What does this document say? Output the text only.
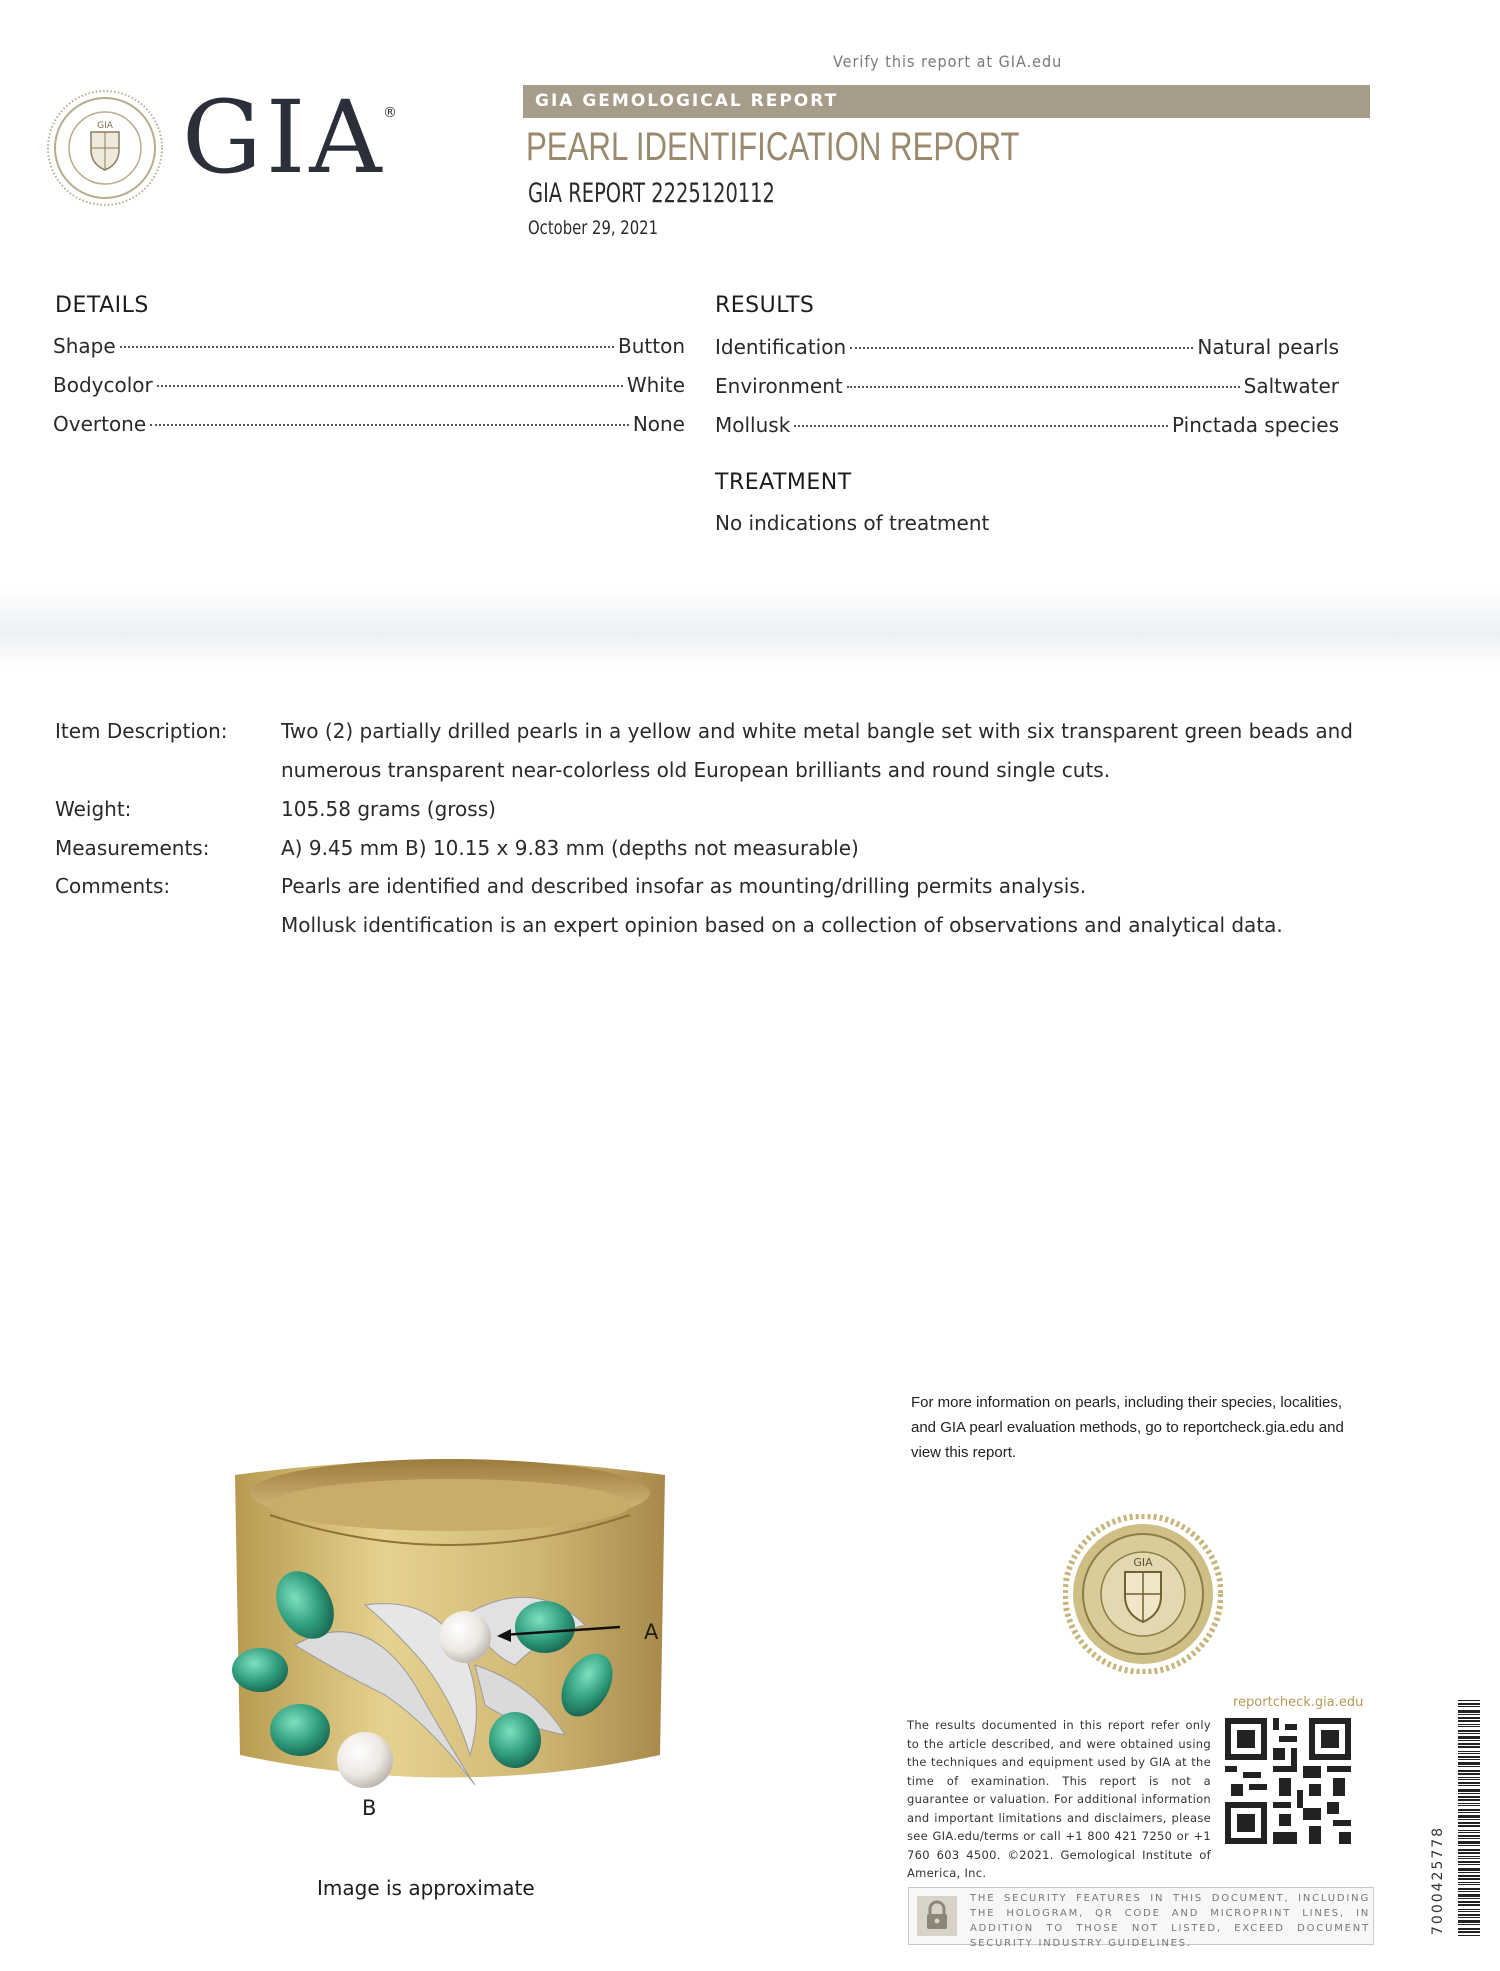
Verify this report at GIA.edu
GIA GIA
®
GIA GEMOLOGICAL REPORT
PEARL IDENTIFICATION REPORT
GIA REPORT 2225120112
October 29, 2021
DETAILS
Shape	Button
Bodycolor	White
Overtone	None
RESULTS
Identification	Natural pearls
Environment	Saltwater
Mollusk	Pinctada species
TREATMENT
No indications of treatment
Item Description:	Two (2) partially drilled pearls in a yellow and white metal bangle set with six transparent green beads and
numerous transparent near-colorless old European brilliants and round single cuts.
Weight:	105.58 grams (gross)
Measurements:	A) 9.45 mm B) 10.15 x 9.83 mm (depths not measurable)
Comments:	Pearls are identified and described insofar as mounting/drilling permits analysis.
Mollusk identification is an expert opinion based on a collection of observations and analytical data.
A
B
Image is approximate
For more information on pearls, including their species, localities, and GIA pearl evaluation methods, go to reportcheck.gia.edu and view this report.
GIA
reportcheck.gia.edu
The results documented in this report refer only to the article described, and were obtained using the techniques and equipment used by GIA at the time of examination. This report is not a guarantee or valuation. For additional information and important limitations and disclaimers, please see GIA.edu/terms or call +1 800 421 7250 or +1 760 603 4500. ©2021. Gemological Institute of America, Inc.
THE SECURITY FEATURES IN THIS DOCUMENT, INCLUDING THE HOLOGRAM, QR CODE AND MICROPRINT LINES, IN ADDITION TO THOSE NOT LISTED, EXCEED DOCUMENT SECURITY INDUSTRY GUIDELINES.
7000425778
